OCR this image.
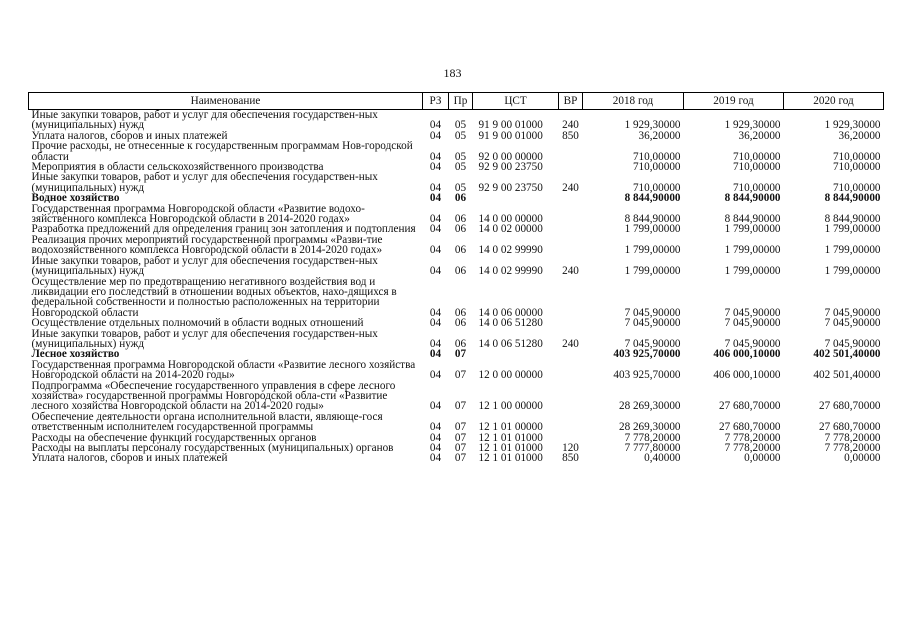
183
Наименование	РЗ	Пр	ЦСТ	ВР	2018 год	2019 год	2020 год
Иные закупки товаров, работ и услуг для обеспечения государствен-ных (муниципальных) нужд	04	05	91 9 00 01000	240	1 929,30000	1 929,30000	1 929,30000
Уплата налогов, сборов и иных платежей	04	05	91 9 00 01000	850	36,20000	36,20000	36,20000
Прочие расходы, не отнесенные к государственным программам Нов-городской области	04	05	92 0 00 00000		710,00000	710,00000	710,00000
Мероприятия в области сельскохозяйственного производства	04	05	92 9 00 23750		710,00000	710,00000	710,00000
Иные закупки товаров, работ и услуг для обеспечения государствен-ных (муниципальных) нужд	04	05	92 9 00 23750	240	710,00000	710,00000	710,00000
Водное хозяйство	04	06			8 844,90000	8 844,90000	8 844,90000
Государственная программа Новгородской области «Развитие водохо-зяйственного комплекса Новгородской области в 2014-2020 годах»	04	06	14 0 00 00000		8 844,90000	8 844,90000	8 844,90000
Разработка предложений для определения границ зон затопления и подтопления	04	06	14 0 02 00000		1 799,00000	1 799,00000	1 799,00000
Реализация прочих мероприятий государственной программы «Разви-тие водохозяйственного комплекса Новгородской области в 2014-2020 годах»	04	06	14 0 02 99990		1 799,00000	1 799,00000	1 799,00000
Иные закупки товаров, работ и услуг для обеспечения государствен-ных (муниципальных) нужд	04	06	14 0 02 99990	240	1 799,00000	1 799,00000	1 799,00000
Осуществление мер по предотвращению негативного воздействия вод и ликвидации его последствий в отношении водных объектов, нахо-дящихся в федеральной собственности и полностью расположенных на территории Новгородской области	04	06	14 0 06 00000		7 045,90000	7 045,90000	7 045,90000
Осуществление отдельных полномочий в области водных отношений	04	06	14 0 06 51280		7 045,90000	7 045,90000	7 045,90000
Иные закупки товаров, работ и услуг для обеспечения государствен-ных (муниципальных) нужд	04	06	14 0 06 51280	240	7 045,90000	7 045,90000	7 045,90000
Лесное хозяйство	04	07			403 925,70000	406 000,10000	402 501,40000
Государственная программа Новгородской области «Развитие лесного хозяйства Новгородской области на 2014-2020 годы»	04	07	12 0 00 00000		403 925,70000	406 000,10000	402 501,40000
Подпрограмма «Обеспечение государственного управления в сфере лесного хозяйства» государственной программы Новгородской обла-сти «Развитие лесного хозяйства Новгородской области на 2014-2020 годы»	04	07	12 1 00 00000		28 269,30000	27 680,70000	27 680,70000
Обеспечение деятельности органа исполнительной власти, являюще-гося ответственным исполнителем государственной программы	04	07	12 1 01 00000		28 269,30000	27 680,70000	27 680,70000
Расходы на обеспечение функций государственных органов	04	07	12 1 01 01000		7 778,20000	7 778,20000	7 778,20000
Расходы на выплаты персоналу государственных (муниципальных) органов	04	07	12 1 01 01000	120	7 777,80000	7 778,20000	7 778,20000
Уплата налогов, сборов и иных платежей	04	07	12 1 01 01000	850	0,40000	0,00000	0,00000
